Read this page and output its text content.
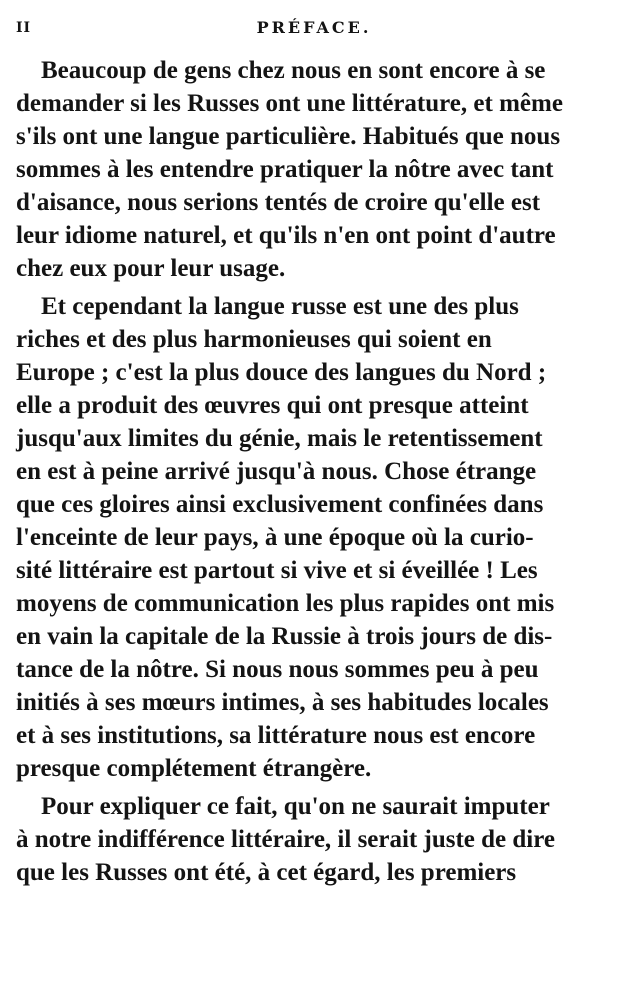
II	PRÉFACE.
Beaucoup de gens chez nous en sont encore à se
demander si les Russes ont une littérature, et même
s'ils ont une langue particulière. Habitués que nous
sommes à les entendre pratiquer la nôtre avec tant
d'aisance, nous serions tentés de croire qu'elle est
leur idiome naturel, et qu'ils n'en ont point d'autre
chez eux pour leur usage.
Et cependant la langue russe est une des plus
riches et des plus harmonieuses qui soient en
Europe ; c'est la plus douce des langues du Nord ;
elle a produit des œuvres qui ont presque atteint
jusqu'aux limites du génie, mais le retentissement
en est à peine arrivé jusqu'à nous. Chose étrange
que ces gloires ainsi exclusivement confinées dans
l'enceinte de leur pays, à une époque où la curio-
sité littéraire est partout si vive et si éveillée ! Les
moyens de communication les plus rapides ont mis
en vain la capitale de la Russie à trois jours de dis-
tance de la nôtre. Si nous nous sommes peu à peu
initiés à ses mœurs intimes, à ses habitudes locales
et à ses institutions, sa littérature nous est encore
presque complétement étrangère.
Pour expliquer ce fait, qu'on ne saurait imputer
à notre indifférence littéraire, il serait juste de dire
que les Russes ont été, à cet égard, les premiers
